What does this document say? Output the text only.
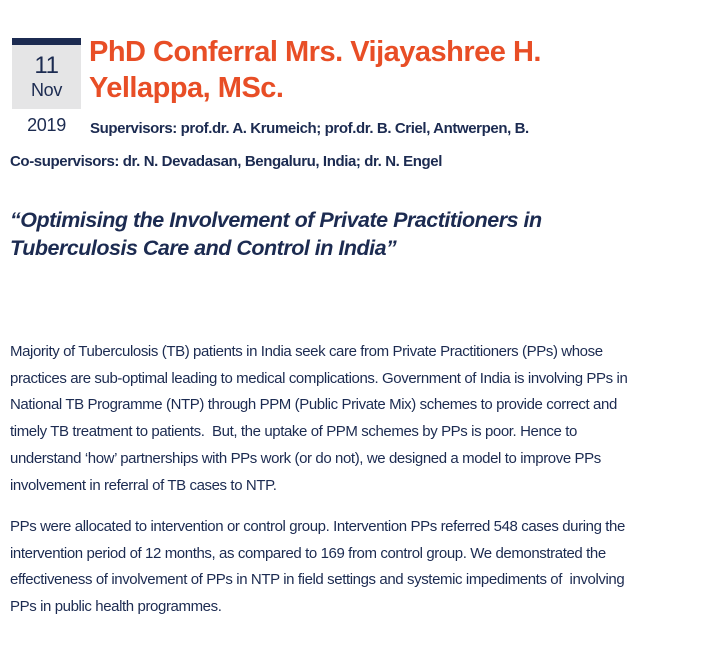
11
Nov
2019
PhD Conferral Mrs. Vijayashree H.
Yellappa, MSc.
Supervisors: prof.dr. A. Krumeich; prof.dr. B. Criel, Antwerpen, B.
Co-supervisors: dr. N. Devadasan, Bengaluru, India; dr. N. Engel
“Optimising the Involvement of Private Practitioners in
Tuberculosis Care and Control in India”
Majority of Tuberculosis (TB) patients in India seek care from Private Practitioners (PPs) whose
practices are sub-optimal leading to medical complications. Government of India is involving PPs in
National TB Programme (NTP) through PPM (Public Private Mix) schemes to provide correct and
timely TB treatment to patients.  But, the uptake of PPM schemes by PPs is poor. Hence to
understand ‘how’ partnerships with PPs work (or do not), we designed a model to improve PPs
involvement in referral of TB cases to NTP.
PPs were allocated to intervention or control group. Intervention PPs referred 548 cases during the
intervention period of 12 months, as compared to 169 from control group. We demonstrated the
effectiveness of involvement of PPs in NTP in field settings and systemic impediments of  involving
PPs in public health programmes.
